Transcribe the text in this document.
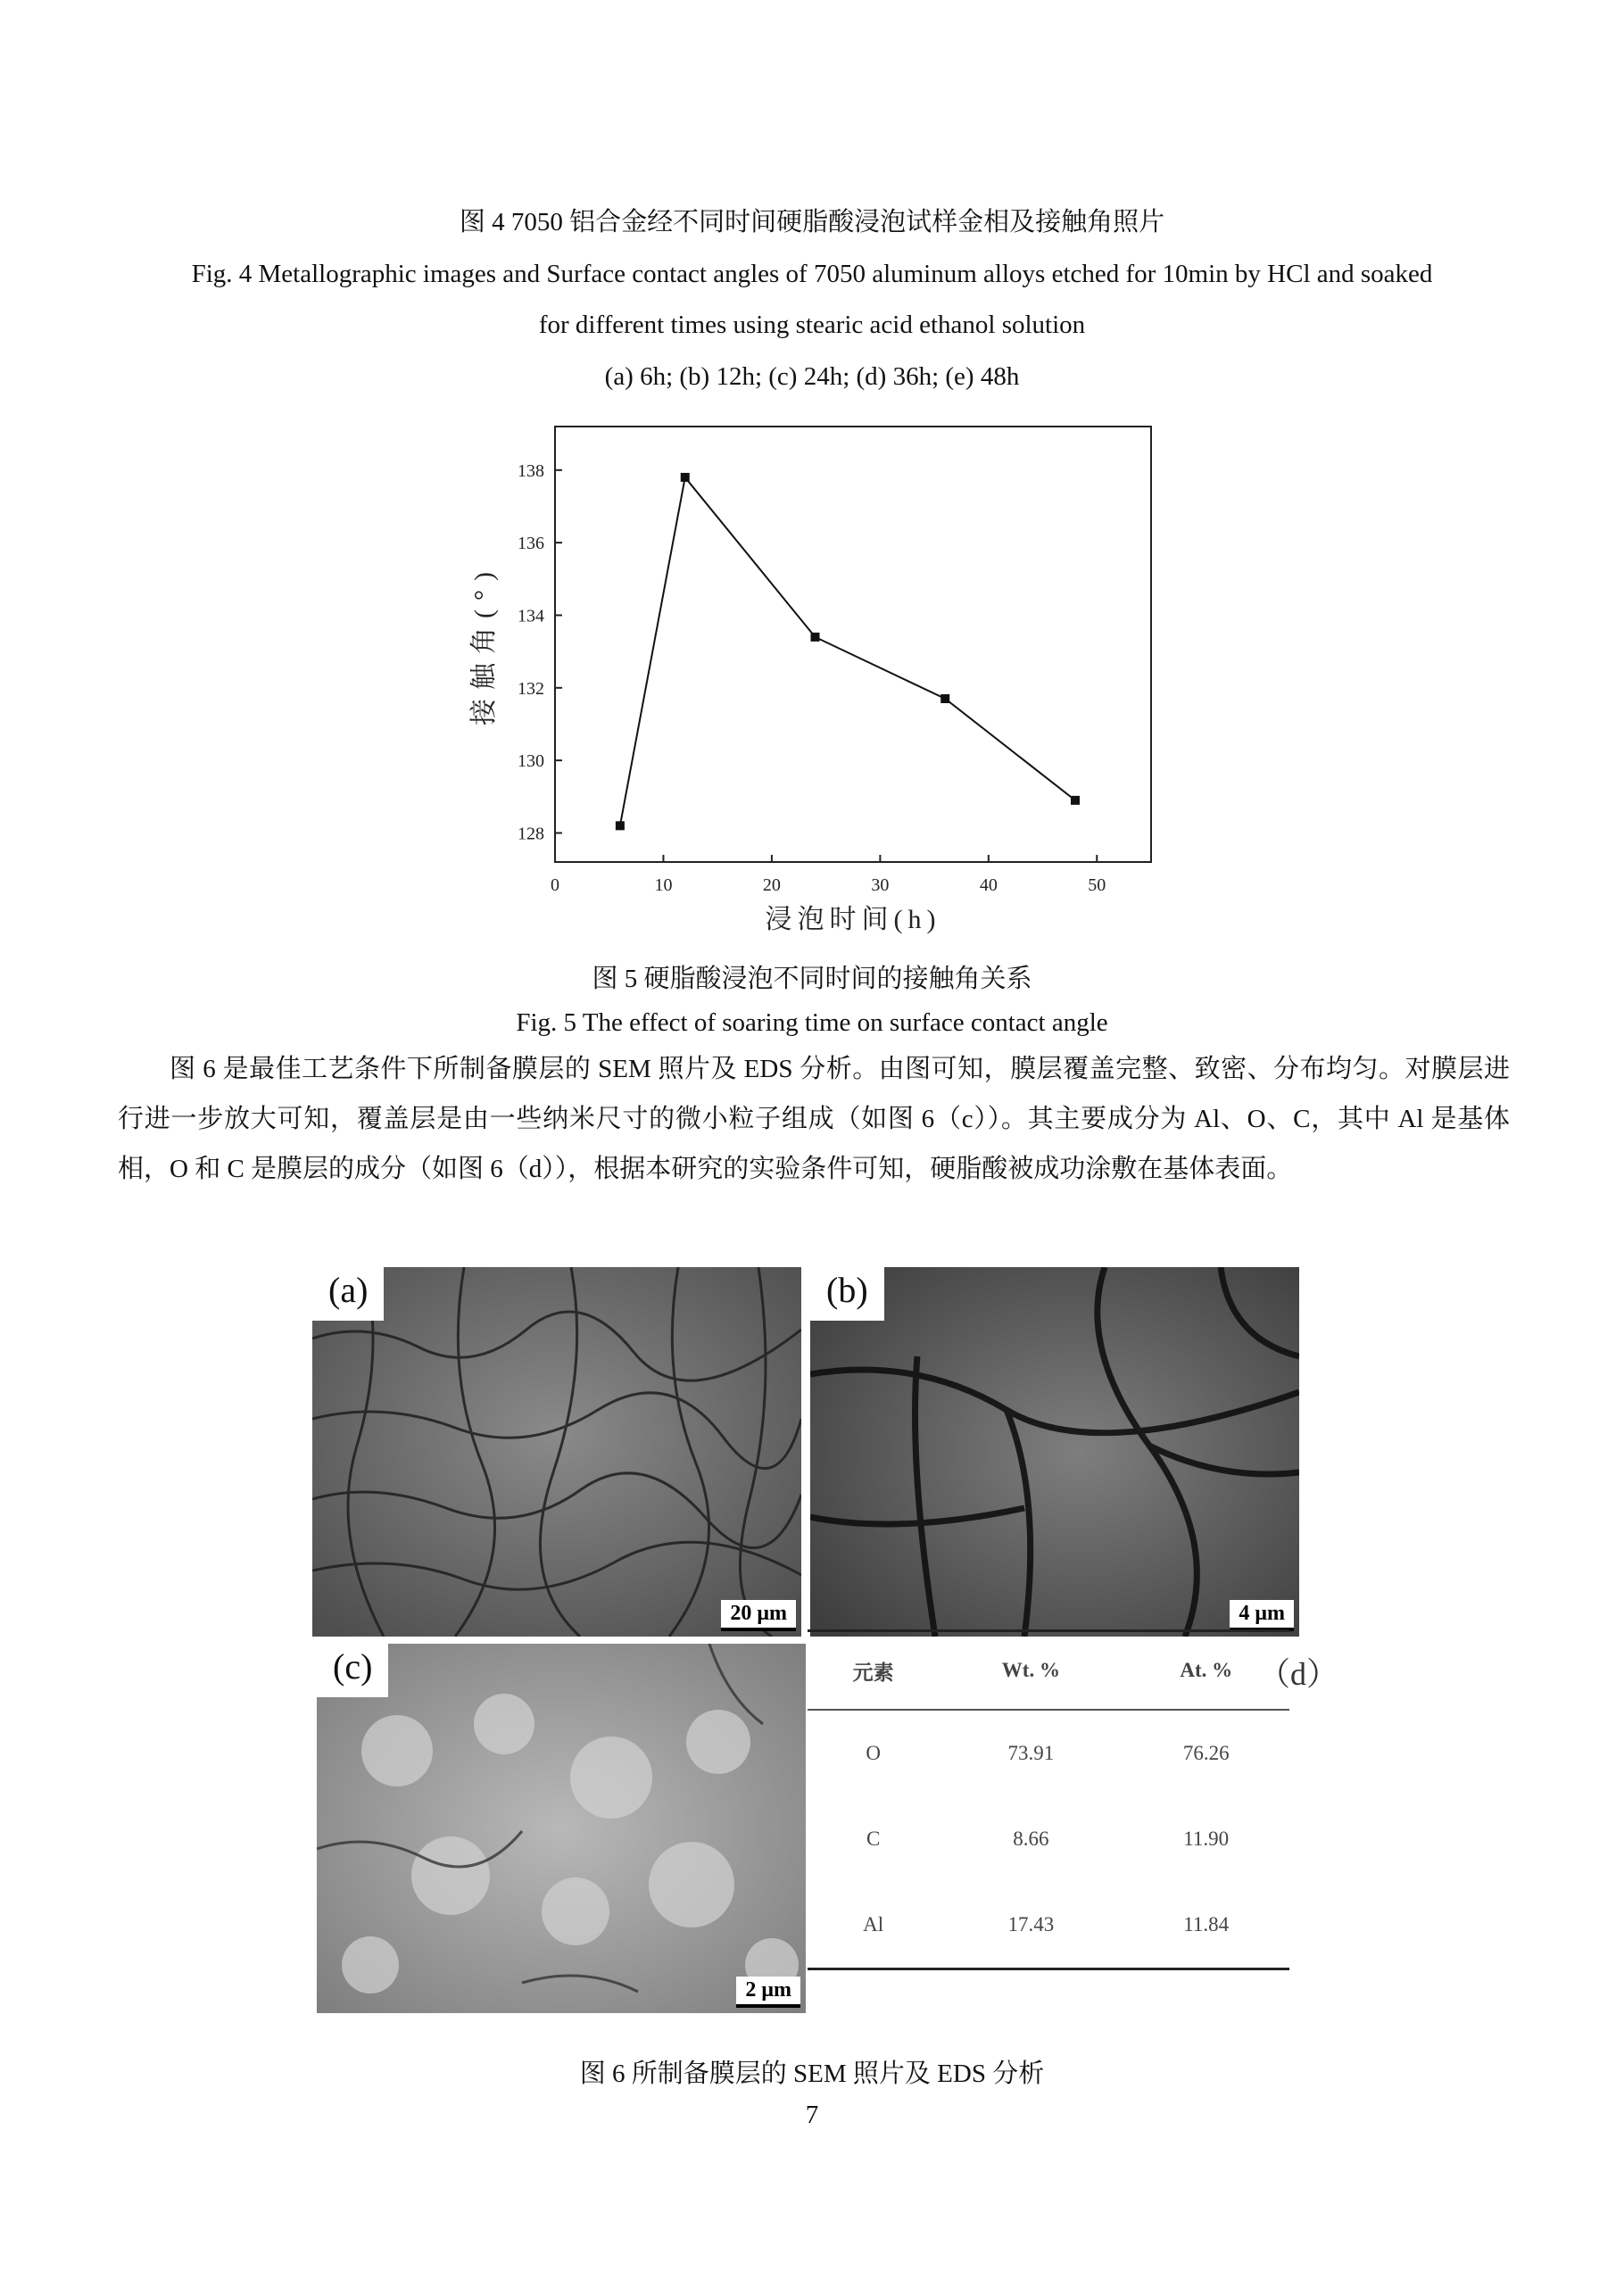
图 4 7050 铝合金经不同时间硬脂酸浸泡试样金相及接触角照片
Fig. 4 Metallographic images and Surface contact angles of 7050 aluminum alloys etched for 10min by HCl and soaked
for different times using stearic acid ethanol solution
(a) 6h; (b) 12h; (c) 24h; (d) 36h; (e) 48h
0	10	20	30	40	50
128
130
132
134
136
138
浸泡时间(h)
接触角(°)
图 5 硬脂酸浸泡不同时间的接触角关系
Fig. 5 The effect of soaring time on surface contact angle

图 6 是最佳工艺条件下所制备膜层的 SEM 照片及 EDS 分析。由图可知，膜层覆盖完整、致密、分布均匀。对膜层进行进一步放大可知，覆盖层是由一些纳米尺寸的微小粒子组成（如图 6（c））。其主要成分为 Al、O、C，其中 Al 是基体相，O 和 C 是膜层的成分（如图 6（d）），根据本研究的实验条件可知，硬脂酸被成功涂敷在基体表面。

(a)
20 μm
(b)
4 μm
(c)
2 μm
元素	Wt. %	At. %
O	73.91	76.26
C	8.66	11.90
Al	17.43	11.84
（d）
图 6 所制备膜层的 SEM 照片及 EDS 分析
7
